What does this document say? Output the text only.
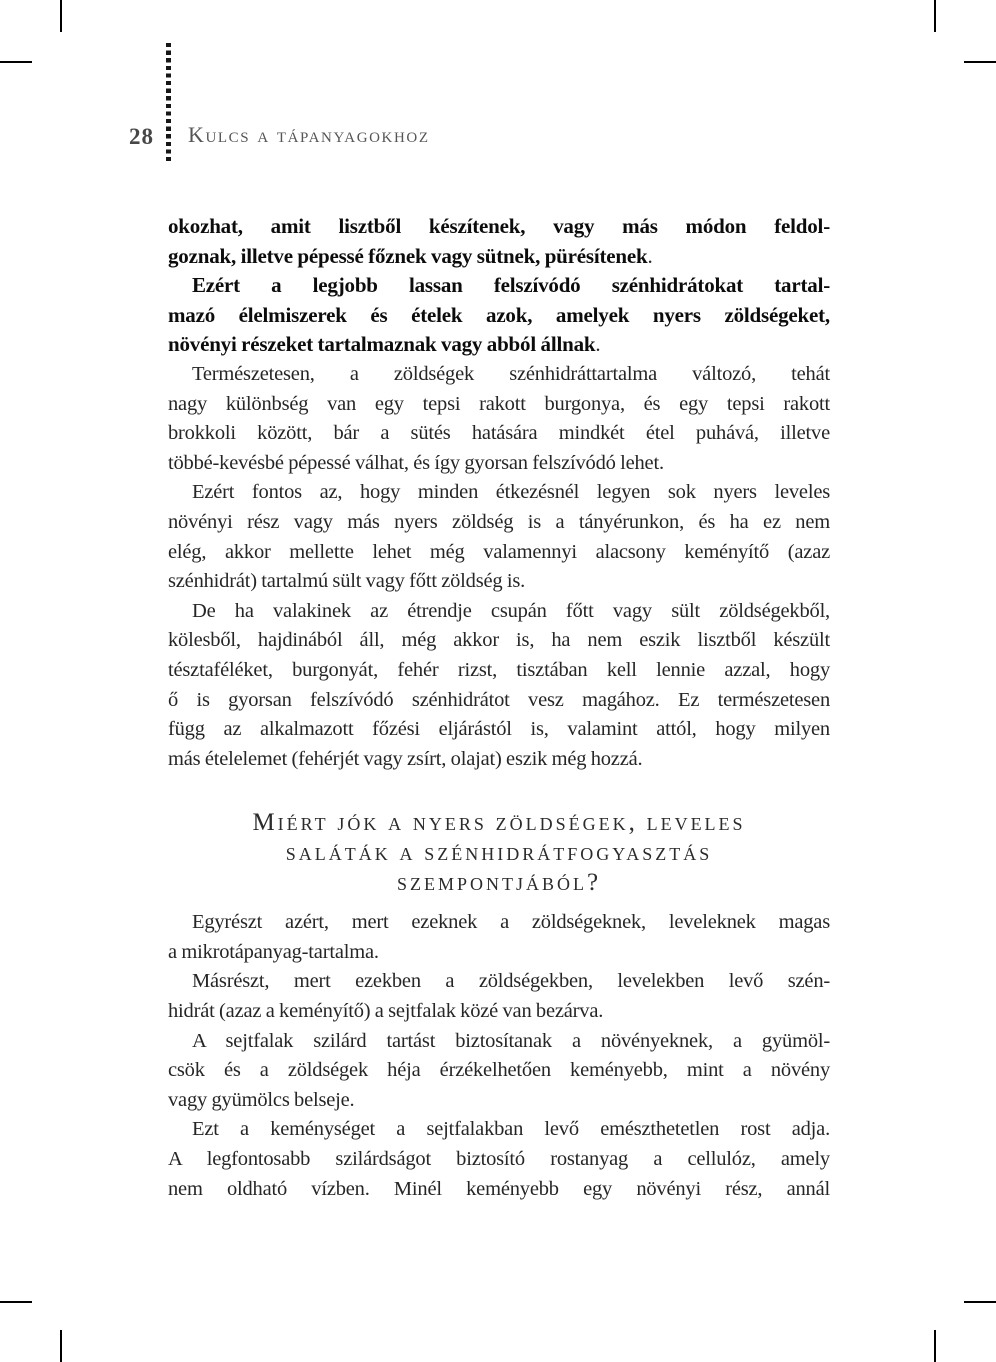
28 Kulcs a tápanyagokhoz

okozhat, amit lisztből készítenek, vagy más módon feldol-
goznak, illetve pépessé főznek vagy sütnek, pürésítenek.

Ezért a legjobb lassan felszívódó szénhidrátokat tartal-
mazó élelmiszerek és ételek azok, amelyek nyers zöldségeket,
növényi részeket tartalmaznak vagy abból állnak.

Természetesen, a zöldségek szénhidráttartalma változó, tehát
nagy különbség van egy tepsi rakott burgonya, és egy tepsi rakott
brokkoli között, bár a sütés hatására mindkét étel puhává, illetve
többé-kevésbé pépessé válhat, és így gyorsan felszívódó lehet.

Ezért fontos az, hogy minden étkezésnél legyen sok nyers leveles
növényi rész vagy más nyers zöldség is a tányérunkon, és ha ez nem
elég, akkor mellette lehet még valamennyi alacsony keményítő (azaz
szénhidrát) tartalmú sült vagy főtt zöldség is.

De ha valakinek az étrendje csupán főtt vagy sült zöldségekből,
kölesből, hajdinából áll, még akkor is, ha nem eszik lisztből készült
tésztaféléket, burgonyát, fehér rizst, tisztában kell lennie azzal, hogy
ő is gyorsan felszívódó szénhidrátot vesz magához. Ez természetesen
függ az alkalmazott főzési eljárástól is, valamint attól, hogy milyen
más ételelemet (fehérjét vagy zsírt, olajat) eszik még hozzá.

Miért jók a nyers zöldségek, leveles
saláták a szénhidrátfogyasztás
szempontjából?

Egyrészt azért, mert ezeknek a zöldségeknek, leveleknek magas
a mikrotápanyag-tartalma.

Másrészt, mert ezekben a zöldségekben, levelekben levő szén-
hidrát (azaz a keményítő) a sejtfalak közé van bezárva.

A sejtfalak szilárd tartást biztosítanak a növényeknek, a gyümöl-
csök és a zöldségek héja érzékelhetően keményebb, mint a növény
vagy gyümölcs belseje.

Ezt a keménységet a sejtfalakban levő emészthetetlen rost adja.
A legfontosabb szilárdságot biztosító rostanyag a cellulóz, amely
nem oldható vízben. Minél keményebb egy növényi rész, annál
